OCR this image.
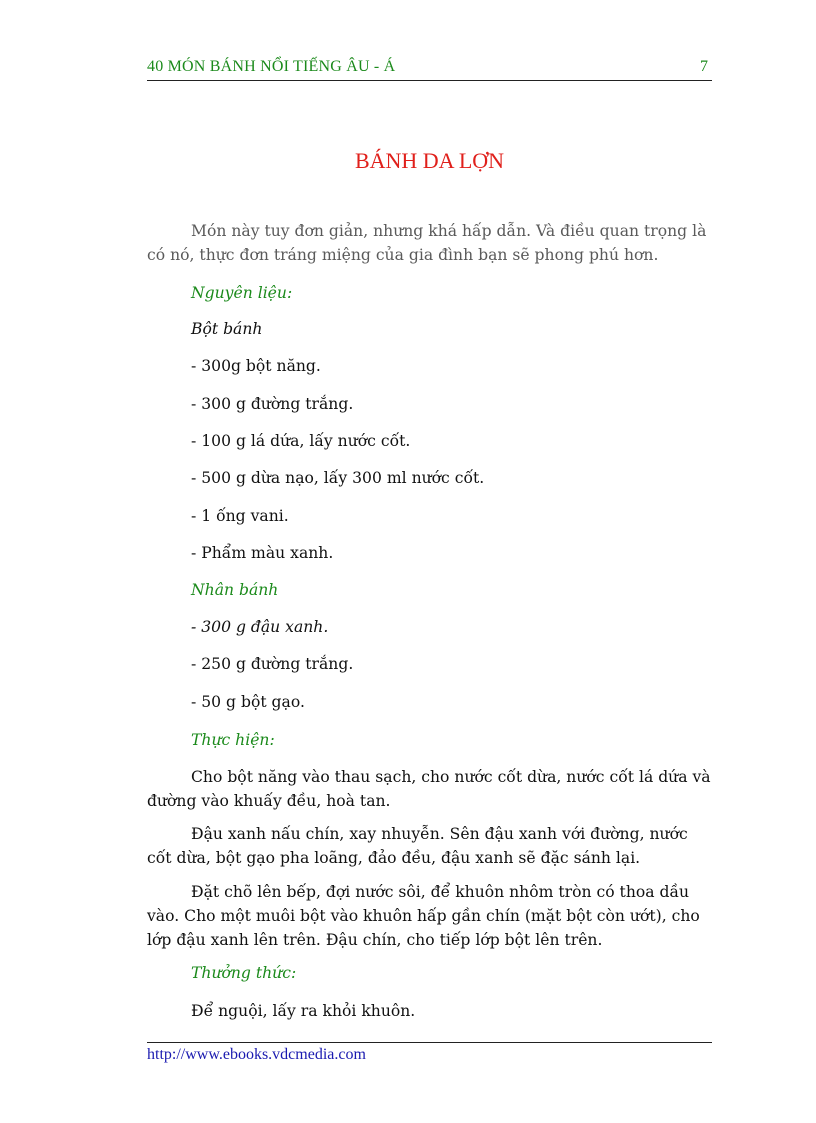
40 MÓN BÁNH NỔI TIẾNG ÂU - Á	7
BÁNH DA LỢN
Món này tuy đơn giản, nhưng khá hấp dẫn. Và điều quan trọng là có nó, thực đơn tráng miệng của gia đình bạn sẽ phong phú hơn.
Nguyên liệu:
Bột bánh
- 300g bột năng.
- 300 g đường trắng.
- 100 g lá dứa, lấy nước cốt.
- 500 g dừa nạo, lấy 300 ml nước cốt.
- 1 ống vani.
- Phẩm màu xanh.
Nhân bánh
- 300 g đậu xanh.
- 250 g đường trắng.
- 50 g bột gạo.
Thực hiện:
Cho bột năng vào thau sạch, cho nước cốt dừa, nước cốt lá dứa và đường vào khuấy đều, hoà tan.
Đậu xanh nấu chín, xay nhuyễn. Sên đậu xanh với đường, nước cốt dừa, bột gạo pha loãng, đảo đều, đậu xanh sẽ đặc sánh lại.
Đặt chõ lên bếp, đợi nước sôi, để khuôn nhôm tròn có thoa dầu vào. Cho một muôi bột vào khuôn hấp gần chín (mặt bột còn ướt), cho lớp đậu xanh lên trên. Đậu chín, cho tiếp lớp bột lên trên.
Thưởng thức:
Để nguội, lấy ra khỏi khuôn.
http://www.ebooks.vdcmedia.com
